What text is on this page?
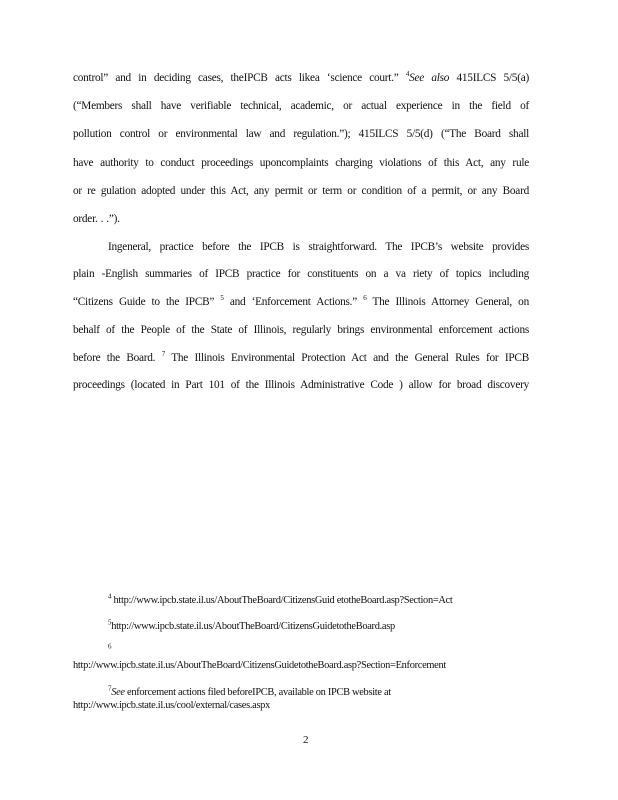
control” and in deciding cases, theIPCB acts likea ‘science court.” $^4$See also 415ILCS 5/5(a)
(“Members shall have verifiable technical, academic, or actual experience in the field of
pollution control or environmental law and regulation.”); 415ILCS 5/5(d) (“The Board shall
have authority to conduct proceedings uponcomplaints charging violations of this Act, any rule
or re gulation adopted under this Act, any permit or term or condition of a permit, or any Board
order. . .”).
Ingeneral, practice before the IPCB is straightforward. The IPCB’s website provides
plain -English summaries of IPCB practice for constituents on a va riety of topics including
“Citizens Guide to the IPCB” $^5$ and ‘Enforcement Actions.” $^6$ The Illinois Attorney General, on
behalf of the People of the State of Illinois, regularly brings environmental enforcement actions
before the Board. $^7$ The Illinois Environmental Protection Act and the General Rules for IPCB
proceedings (located in Part 101 of the Illinois Administrative Code ) allow for broad discovery
$^4$ http://www.ipcb.state.il.us/AboutTheBoard/CitizensGuid etotheBoard.asp?Section=Act
$^5$http://www.ipcb.state.il.us/AboutTheBoard/CitizensGuidetotheBoard.asp
$^6$
http://www.ipcb.state.il.us/AboutTheBoard/CitizensGuidetotheBoard.asp?Section=Enforcement
$^7$See enforcement actions filed beforeIPCB, available on IPCB website at
http://www.ipcb.state.il.us/cool/external/cases.aspx
2
